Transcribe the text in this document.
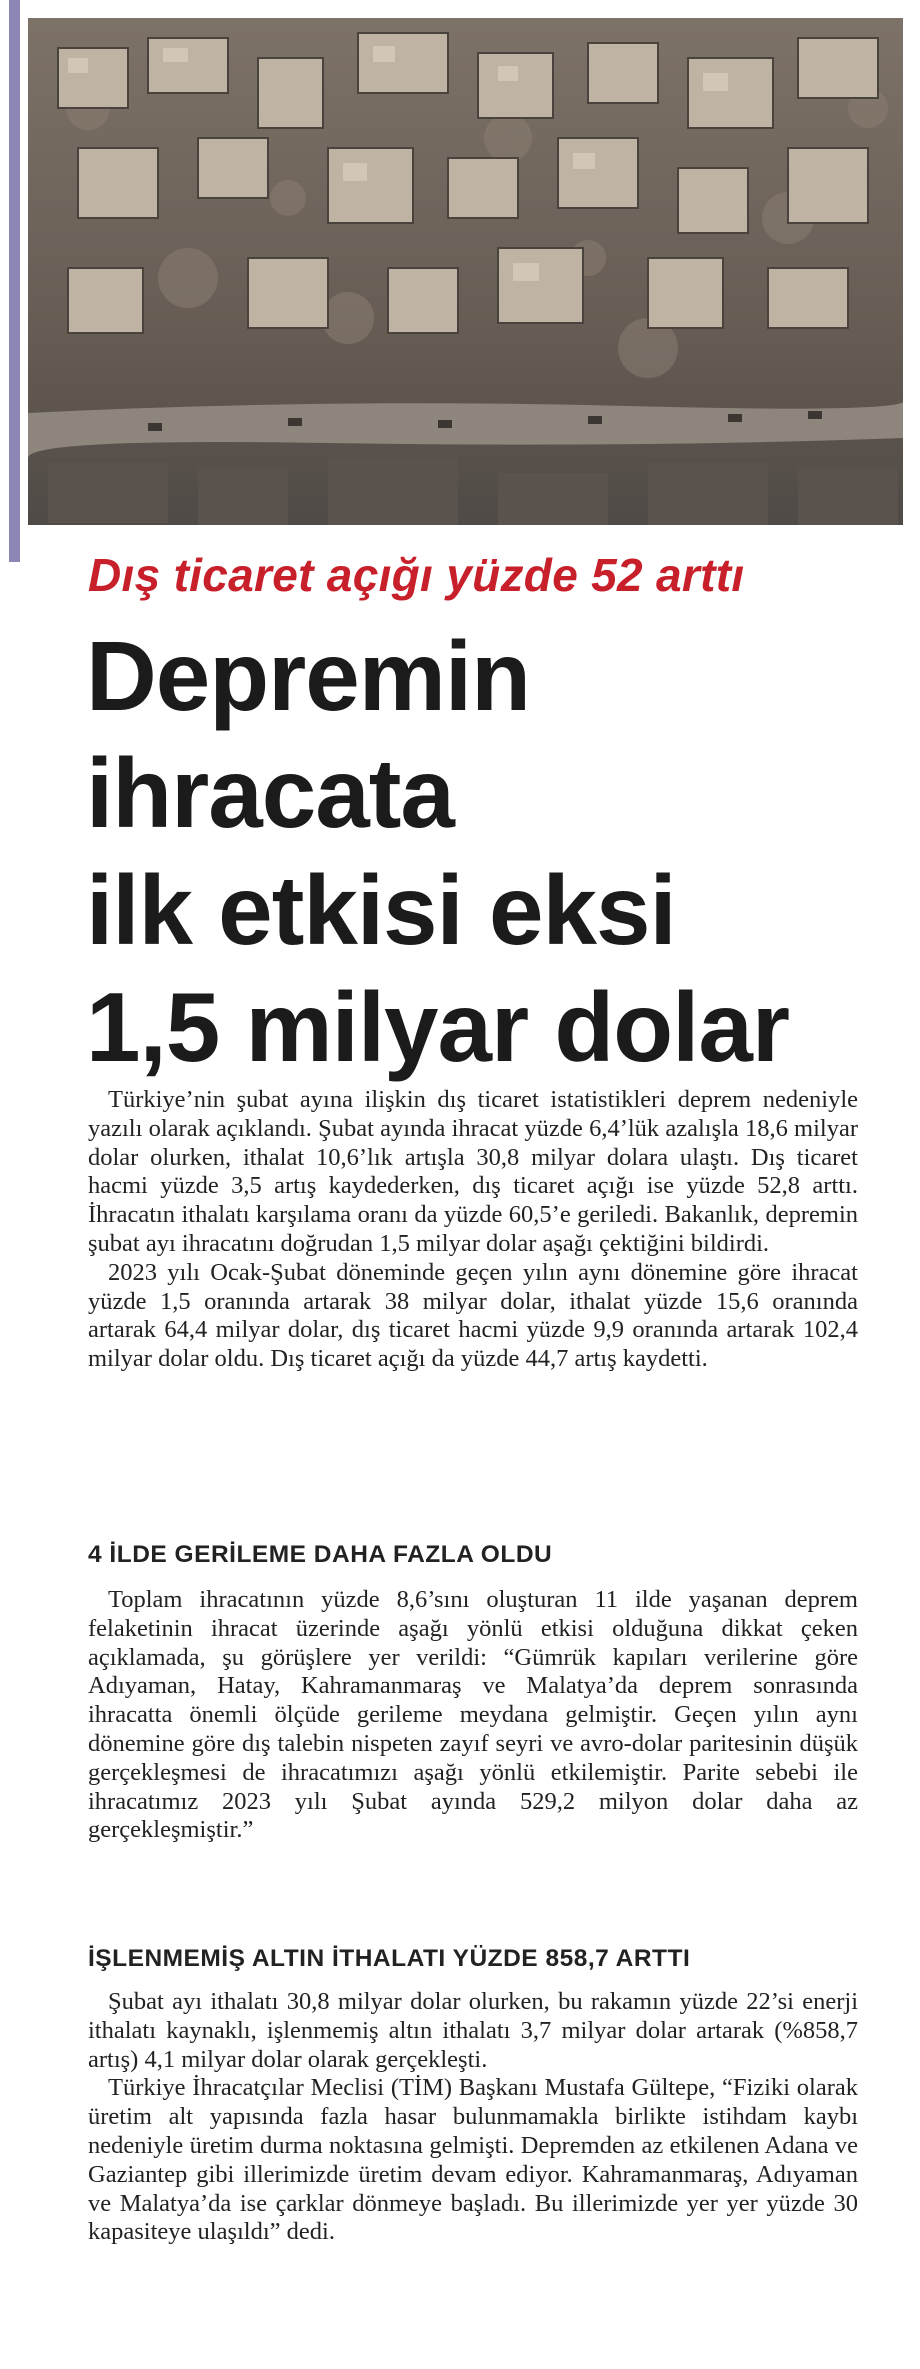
Dış ticaret açığı yüzde 52 arttı
Depremin
ihracata
ilk etkisi eksi
1,5 milyar dolar

Türkiye’nin şubat ayına ilişkin dış ticaret istatistikleri deprem nedeniyle yazılı olarak açıklandı. Şubat ayında ihracat yüzde 6,4’lük azalışla 18,6 milyar dolar olurken, ithalat 10,6’lık artışla 30,8 milyar dolara ulaştı. Dış ticaret hacmi yüzde 3,5 artış kaydederken, dış ticaret açığı ise yüzde 52,8 arttı. İhracatın ithalatı karşılama oranı da yüzde 60,5’e geriledi. Bakanlık, depremin şubat ayı ihracatını doğrudan 1,5 milyar dolar aşağı çektiğini bildirdi.

2023 yılı Ocak-Şubat döneminde geçen yılın aynı dönemine göre ihracat yüzde 1,5 oranında artarak 38 milyar dolar, ithalat yüzde 15,6 oranında artarak 64,4 milyar dolar, dış ticaret hacmi yüzde 9,9 oranında artarak 102,4 milyar dolar oldu. Dış ticaret açığı da yüzde 44,7 artış kaydetti.

4 İLDE GERİLEME DAHA FAZLA OLDU

Toplam ihracatının yüzde 8,6’sını oluşturan 11 ilde yaşanan deprem felaketinin ihracat üzerinde aşağı yönlü etkisi olduğuna dikkat çeken açıklamada, şu görüşlere yer verildi: “Gümrük kapıları verilerine göre Adıyaman, Hatay, Kahramanmaraş ve Malatya’da deprem sonrasında ihracatta önemli ölçüde gerileme meydana gelmiştir. Geçen yılın aynı dönemine göre dış talebin nispeten zayıf seyri ve avro-dolar paritesinin düşük gerçekleşmesi de ihracatımızı aşağı yönlü etkilemiştir. Parite sebebi ile ihracatımız 2023 yılı Şubat ayında 529,2 milyon dolar daha az gerçekleşmiştir.”

İŞLENMEMİŞ ALTIN İTHALATI YÜZDE 858,7 ARTTI

Şubat ayı ithalatı 30,8 milyar dolar olurken, bu rakamın yüzde 22’si enerji ithalatı kaynaklı, işlenmemiş altın ithalatı 3,7 milyar dolar artarak (%858,7 artış) 4,1 milyar dolar olarak gerçekleşti.

Türkiye İhracatçılar Meclisi (TİM) Başkanı Mustafa Gültepe, “Fiziki olarak üretim alt yapısında fazla hasar bulunmamakla birlikte istihdam kaybı nedeniyle üretim durma noktasına gelmişti. Depremden az etkilenen Adana ve Gaziantep gibi illerimizde üretim devam ediyor. Kahramanmaraş, Adıyaman ve Malatya’da ise çarklar dönmeye başladı. Bu illerimizde yer yer yüzde 30 kapasiteye ulaşıldı” dedi.
